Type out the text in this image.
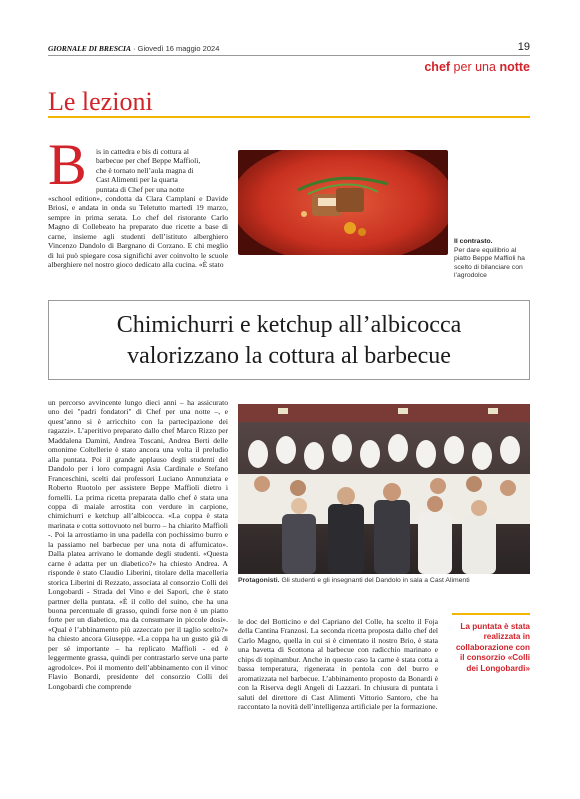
GIORNALE DI BRESCIA · Giovedì 16 maggio 2024	19
chef per una notte
Le lezioni
B is in cattedra e bis di cottura al
barbecue per chef Beppe Maffioli,
che è tornato nell’aula magna di
Cast Alimenti per la quarta
puntata di Chef per una notte

«school edition», condotta da Clara Camplani e Davide Briosi, e andata in onda su Teletutto martedì 19 marzo, sempre in prima serata. Lo chef del ristorante Carlo Magno di Collebeato ha preparato due ricette a base di carne, insieme agli studenti dell’istituto alberghiero Vincenzo Dandolo di Bargnano di Corzano. E chi meglio di lui può spiegare cosa significhi aver coinvolto le scuole alberghiere nel nostro gioco dedicato alla cucina. «È stato

Il contrasto.
Per dare equilibrio al piatto Beppe Maffioli ha scelto di bilanciare con l’agrodolce
Chimichurri e ketchup all’albicocca
valorizzano la cottura al barbecue

un percorso avvincente lungo dieci anni – ha assicurato uno dei "padri fondatori" di Chef per una notte –, e quest’anno si è arricchito con la partecipazione dei ragazzi». L’aperitivo preparato dallo chef Marco Rizzo per Maddalena Damini, Andrea Toscani, Andrea Berti delle omonime Coltellerie è stato ancora una volta il preludio alla puntata. Poi il grande applauso degli studenti del Dandolo per i loro compagni Asia Cardinale e Stefano Franceschini, scelti dai professori Luciano Annunziata e Roberto Ruotolo per assistere Beppe Maffioli dietro i fornelli. La prima ricetta preparata dallo chef è stata una coppa di maiale arrostita con verdure in carpione, chimichurri e ketchup all’albicocca. «La coppa è stata marinata e cotta sottovuoto nel burro – ha chiarito Maffioli -. Poi la arrostiamo in una padella con pochissimo burro e la passiamo nel barbecue per una nota di affumicato». Dalla platea arrivano le domande degli studenti. «Questa carne è adatta per un diabetico?» ha chiesto Andrea. A risponde è stato Claudio Liberini, titolare della macelleria storica Liberini di Rezzato, associata al consorzio Colli dei Longobardi - Strada del Vino e dei Sapori, che è stato partner della puntata. «È il collo del suino, che ha una buona percentuale di grasso, quindi forse non è un piatto forte per un diabetico, ma da consumare in piccole dosi». «Qual è l’abbinamento più azzeccato per il taglio scelto?» ha chiesto ancora Giuseppe. «La coppa ha un gusto già di per sé importante – ha replicato Maffioli - ed è leggermente grassa, quindi per contrastarlo serve una parte agrodolce». Poi il momento dell’abbinamento con il vinoc Flavio Bonardi, presidente del consorzio Colli dei Longobardi che comprende

Protagonisti. Gli studenti e gli insegnanti del Dandolo in sala a Cast Alimenti

le doc del Botticino e del Capriano del Colle, ha scelto il Foja della Cantina Franzosi. La seconda ricetta proposta dallo chef del Carlo Magno, quella in cui si è cimentato il nostro Brio, è stata una bavetta di Scottona al barbecue con radicchio marinato e chips di topinambur. Anche in questo caso la carne è stata cotta a bassa temperatura, rigenerata in pentola con del burro e aromatizzata nel barbecue. L’abbinamento proposto da Bonardi è con la Riserva degli Angeli di Lazzari. In chiusura di puntata i saluti del direttore di Cast Alimenti Vittorio Santoro, che ha raccontato la novità dell’intelligenza artificiale per la formazione.

La puntata è stata realizzata in collaborazione con il consorzio «Colli dei Longobardi»
